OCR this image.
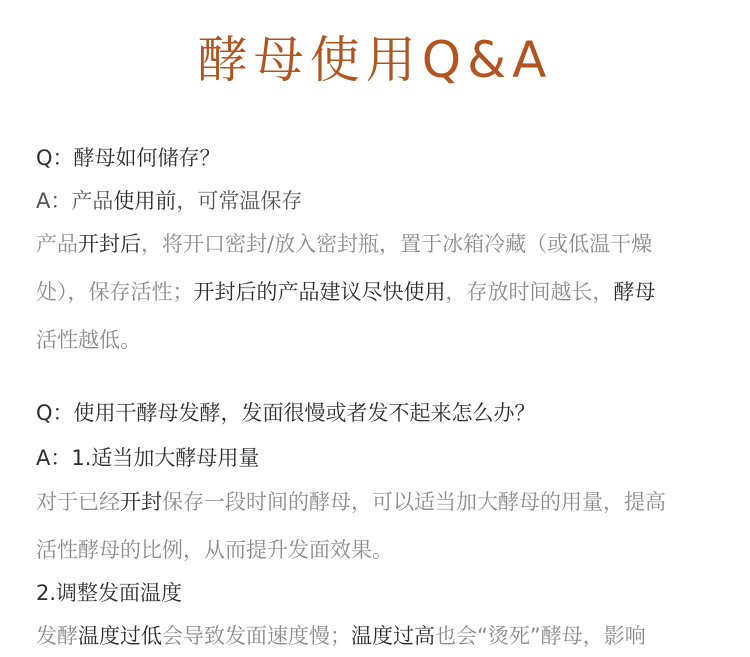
酵母使用Q&A
Q：酵母如何储存？
A：产品使用前，可常温保存
产品开封后，将开口密封/放入密封瓶，置于冰箱冷藏（或低温干燥
处），保存活性；开封后的产品建议尽快使用，存放时间越长，酵母
活性越低。
Q：使用干酵母发酵，发面很慢或者发不起来怎么办？
A：1.适当加大酵母用量
对于已经开封保存一段时间的酵母，可以适当加大酵母的用量，提高
活性酵母的比例，从而提升发面效果。
2.调整发面温度
发酵温度过低会导致发面速度慢；温度过高也会“烫死”酵母，影响
